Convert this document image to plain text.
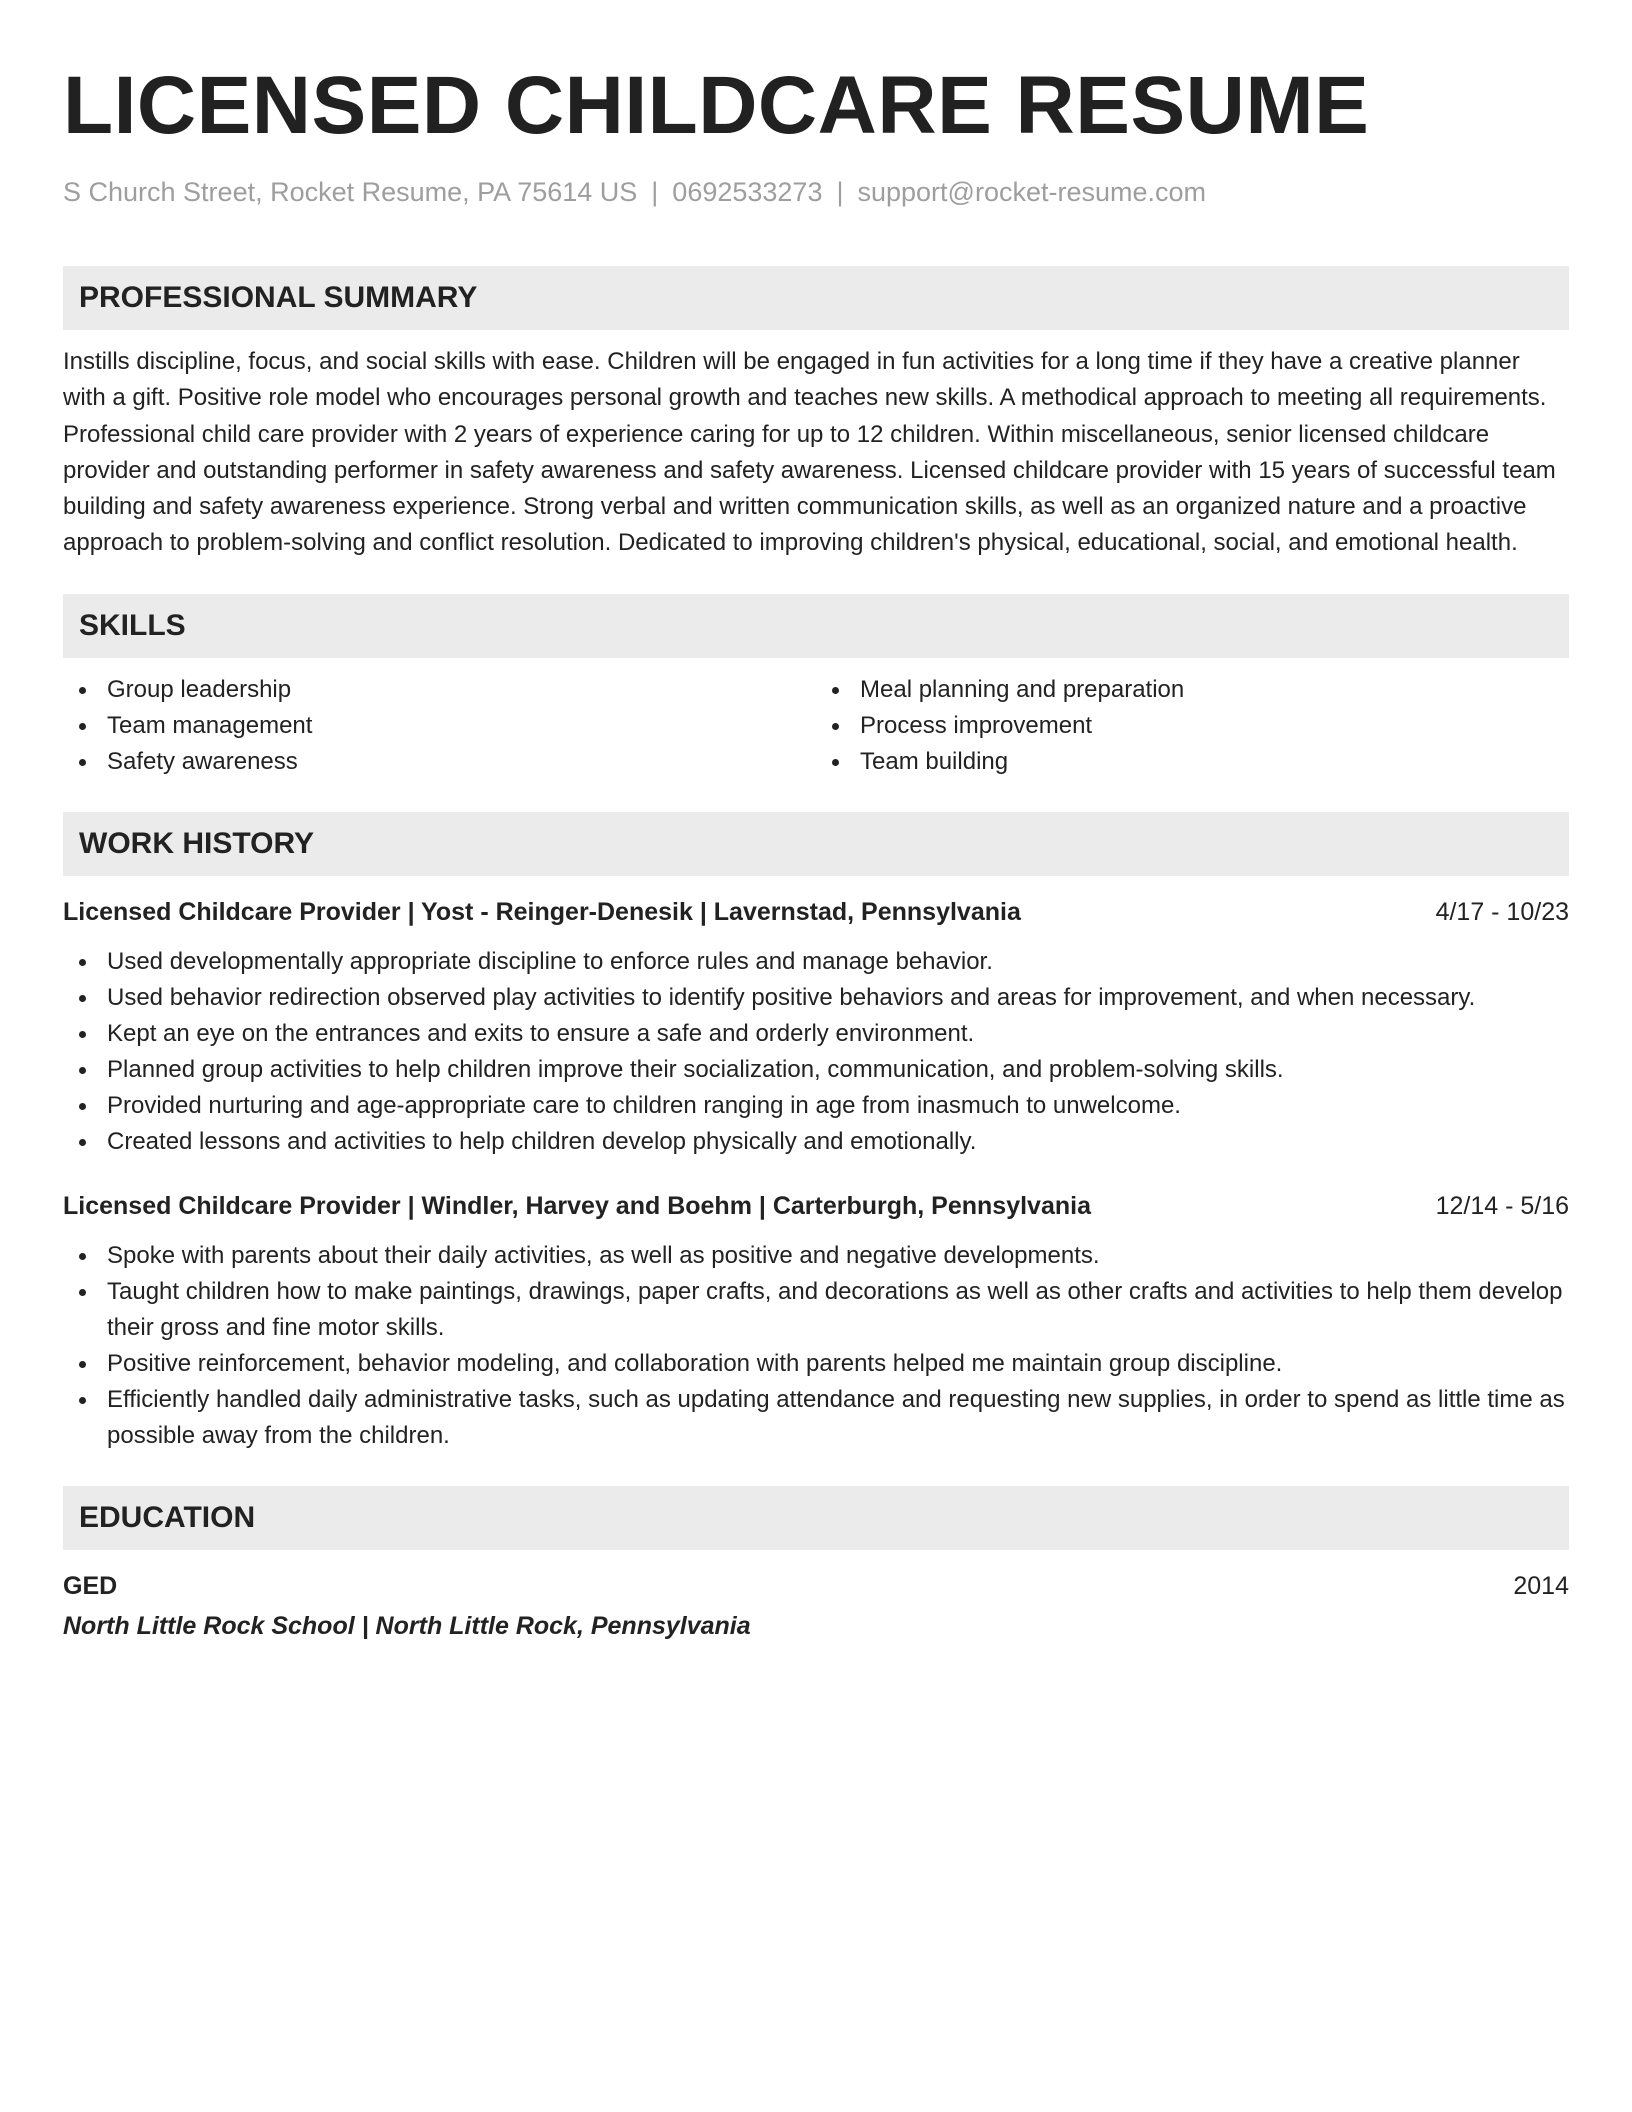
LICENSED CHILDCARE RESUME
S Church Street, Rocket Resume, PA 75614 US | 0692533273 | support@rocket-resume.com
PROFESSIONAL SUMMARY

Instills discipline, focus, and social skills with ease. Children will be engaged in fun activities for a long time if they have a creative planner with a gift. Positive role model who encourages personal growth and teaches new skills. A methodical approach to meeting all requirements. Professional child care provider with 2 years of experience caring for up to 12 children. Within miscellaneous, senior licensed childcare provider and outstanding performer in safety awareness and safety awareness. Licensed childcare provider with 15 years of successful team building and safety awareness experience. Strong verbal and written communication skills, as well as an organized nature and a proactive approach to problem-solving and conflict resolution. Dedicated to improving children's physical, educational, social, and emotional health.

SKILLS
Group leadership
Team management
Safety awareness
Meal planning and preparation
Process improvement
Team building
WORK HISTORY
Licensed Childcare Provider | Yost - Reinger-Denesik | Lavernstad, Pennsylvania	4/17 - 10/23
Used developmentally appropriate discipline to enforce rules and manage behavior.
Used behavior redirection observed play activities to identify positive behaviors and areas for improvement, and when necessary.
Kept an eye on the entrances and exits to ensure a safe and orderly environment.
Planned group activities to help children improve their socialization, communication, and problem-solving skills.
Provided nurturing and age-appropriate care to children ranging in age from inasmuch to unwelcome.
Created lessons and activities to help children develop physically and emotionally.
Licensed Childcare Provider | Windler, Harvey and Boehm | Carterburgh, Pennsylvania	12/14 - 5/16
Spoke with parents about their daily activities, as well as positive and negative developments.
Taught children how to make paintings, drawings, paper crafts, and decorations as well as other crafts and activities to help them develop their gross and fine motor skills.
Positive reinforcement, behavior modeling, and collaboration with parents helped me maintain group discipline.
Efficiently handled daily administrative tasks, such as updating attendance and requesting new supplies, in order to spend as little time as possible away from the children.
EDUCATION
GED	2014
North Little Rock School | North Little Rock, Pennsylvania
